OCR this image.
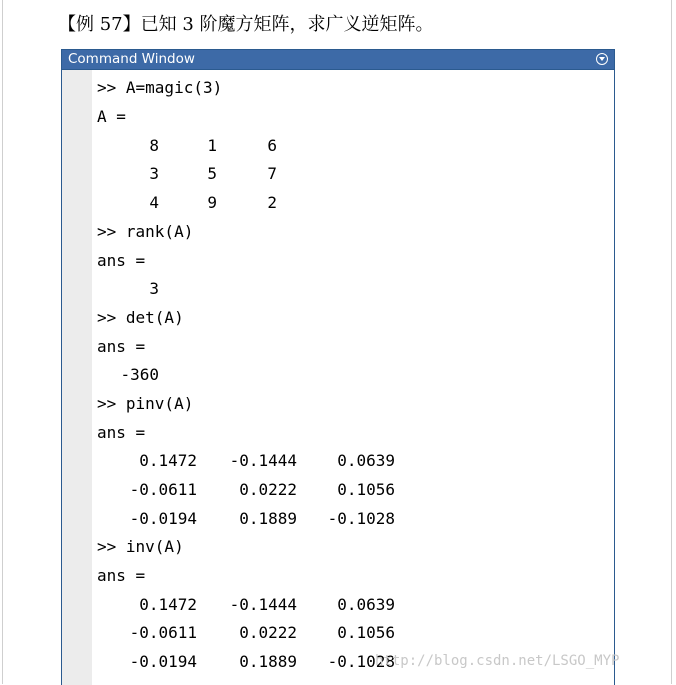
【例 57】已知 3 阶魔方矩阵，求广义逆矩阵。
Command Window
>> A=magic(3)
A =
8	1	6
3	5	7
4	9	2
>> rank(A)
ans =
3
>> det(A)
ans =
-360
>> pinv(A)
ans =
0.1472	-0.1444	0.0639
-0.0611	0.0222	0.1056
-0.0194	0.1889	-0.1028
>> inv(A)
ans =
0.1472	-0.1444	0.0639
-0.0611	0.0222	0.1056
-0.0194	0.1889	-0.1028
http://blog.csdn.net/LSGO_MYP
